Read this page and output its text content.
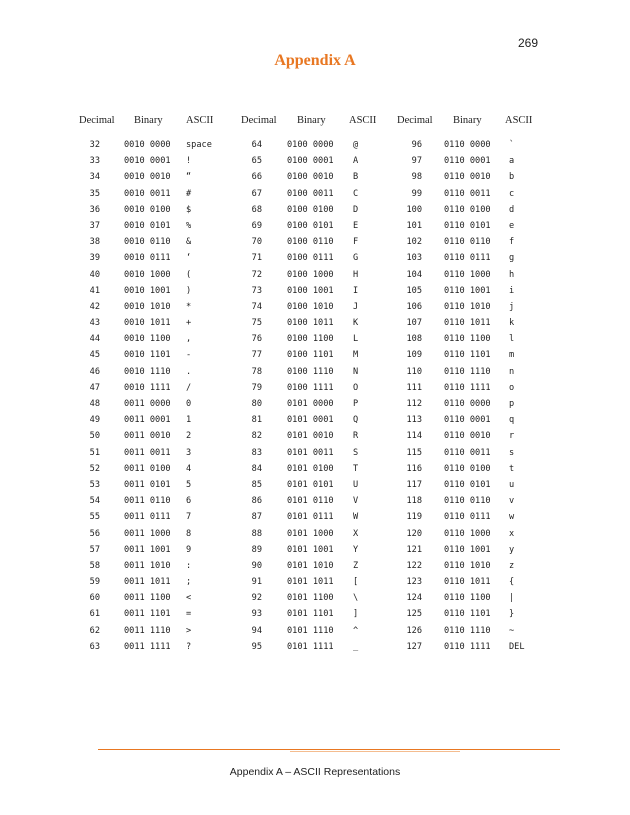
269
Appendix A
Decimal Binary ASCII
32	0010 0000 space
33	0010 0001 !
34	0010 0010 “
35	0010 0011 #
36	0010 0100 $
37	0010 0101 %
38	0010 0110 &
39	0010 0111 ‘
40	0010 1000 (
41	0010 1001 )
42	0010 1010 *
43	0010 1011 +
44	0010 1100 ,
45	0010 1101 -
46	0010 1110 .
47	0010 1111 /
48	0011 0000 0
49	0011 0001 1
50	0011 0010 2
51	0011 0011 3
52	0011 0100 4
53	0011 0101 5
54	0011 0110 6
55	0011 0111 7
56	0011 1000 8
57	0011 1001 9
58	0011 1010 :
59	0011 1011 ;
60	0011 1100 <
61	0011 1101 =
62	0011 1110 >
63	0011 1111 ?
Decimal Binary ASCII
64	0100 0000 @
65	0100 0001 A
66	0100 0010 B
67	0100 0011 C
68	0100 0100 D
69	0100 0101 E
70	0100 0110 F
71	0100 0111 G
72	0100 1000 H
73	0100 1001 I
74	0100 1010 J
75	0100 1011 K
76	0100 1100 L
77	0100 1101 M
78	0100 1110 N
79	0100 1111 O
80	0101 0000 P
81	0101 0001 Q
82	0101 0010 R
83	0101 0011 S
84	0101 0100 T
85	0101 0101 U
86	0101 0110 V
87	0101 0111 W
88	0101 1000 X
89	0101 1001 Y
90	0101 1010 Z
91	0101 1011 [
92	0101 1100 \
93	0101 1101 ]
94	0101 1110 ^
95	0101 1111 _
Decimal Binary ASCII
96	0110 0000 `
97	0110 0001 a
98	0110 0010 b
99	0110 0011 c
100	0110 0100 d
101	0110 0101 e
102	0110 0110 f
103	0110 0111 g
104	0110 1000 h
105	0110 1001 i
106	0110 1010 j
107	0110 1011 k
108	0110 1100 l
109	0110 1101 m
110	0110 1110 n
111	0110 1111 o
112	0110 0000 p
113	0110 0001 q
114	0110 0010 r
115	0110 0011 s
116	0110 0100 t
117	0110 0101 u
118	0110 0110 v
119	0110 0111 w
120	0110 1000 x
121	0110 1001 y
122	0110 1010 z
123	0110 1011 {
124	0110 1100 |
125	0110 1101 }
126	0110 1110 ~
127	0110 1111 DEL
Appendix A – ASCII Representations
